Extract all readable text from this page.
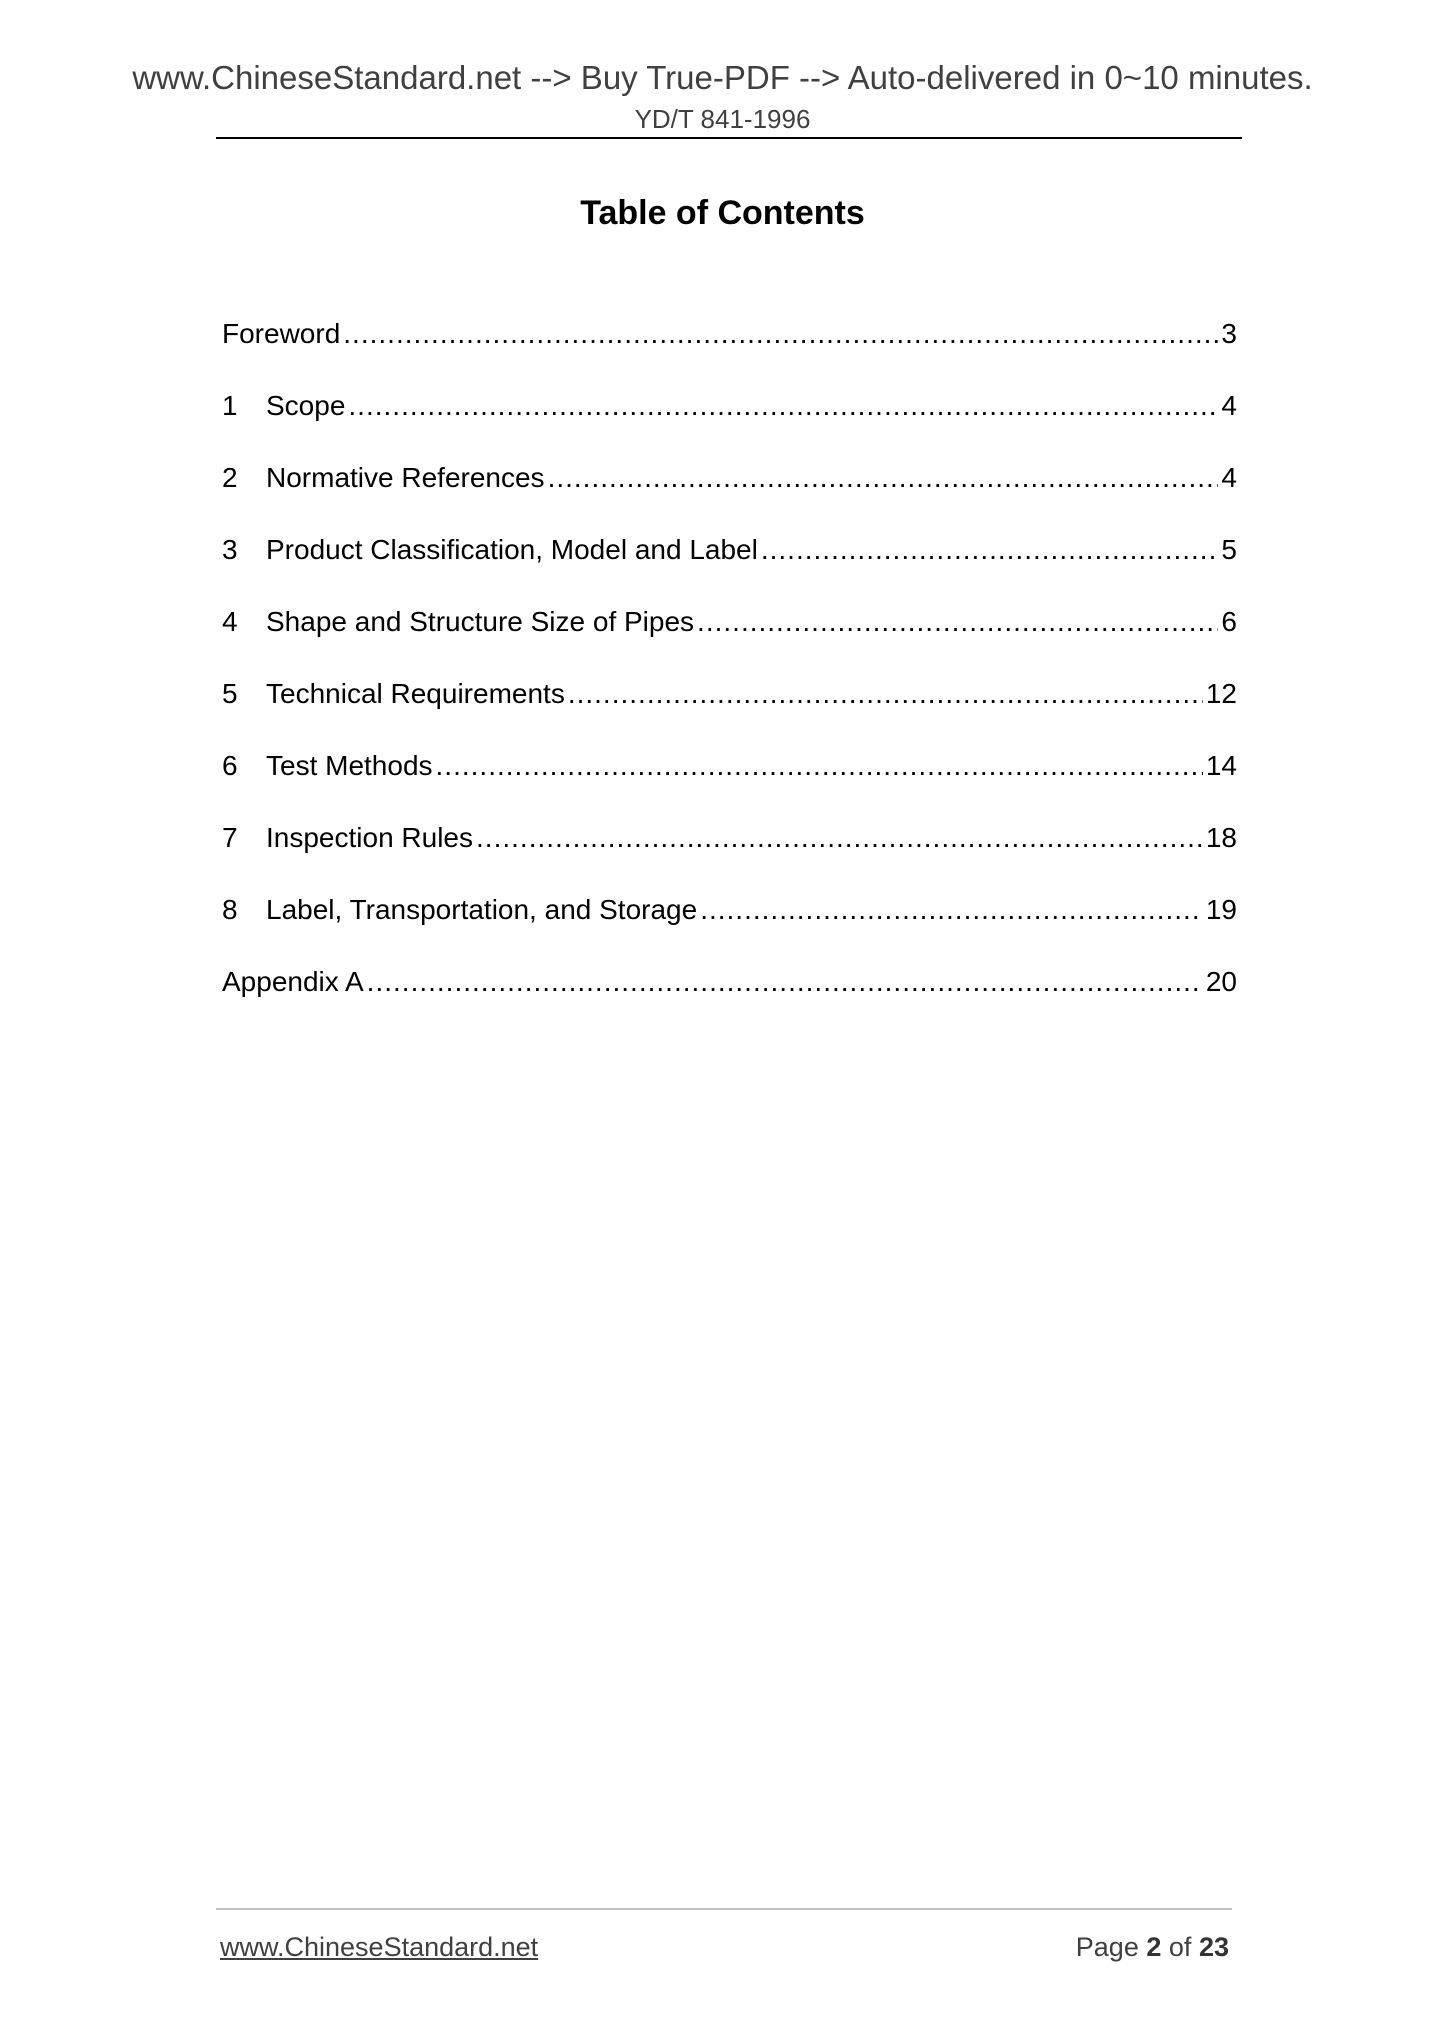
www.ChineseStandard.net --> Buy True-PDF --> Auto-delivered in 0~10 minutes.
YD/T 841-1996
Table of Contents
Foreword .....	3
1	Scope .....	4
2	Normative References .....	4
3	Product Classification, Model and Label .....	5
4	Shape and Structure Size of Pipes .....	6
5	Technical Requirements .....	12
6	Test Methods .....	14
7	Inspection Rules .....	18
8	Label, Transportation, and Storage .....	19
Appendix A .....	20
www.ChineseStandard.net	Page 2 of 23
